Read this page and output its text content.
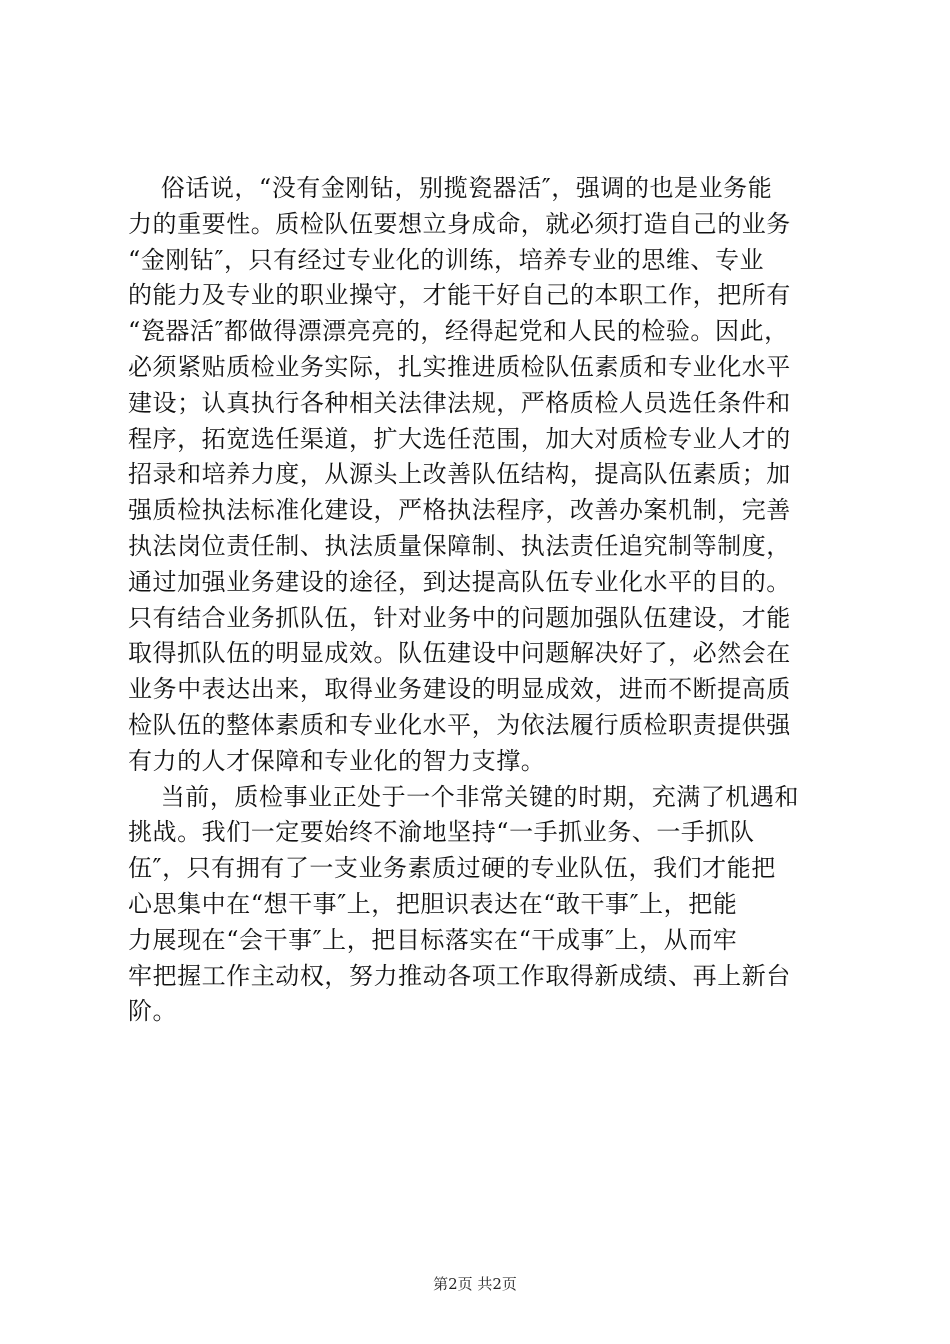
俗话说，“没有金刚钻，别揽瓷器活″，强调的也是业务能
力的重要性。质检队伍要想立身成命，就必须打造自己的业务
“金刚钻″，只有经过专业化的训练，培养专业的思维、专业
的能力及专业的职业操守，才能干好自己的本职工作，把所有
“瓷器活″都做得漂漂亮亮的，经得起党和人民的检验。因此，
必须紧贴质检业务实际，扎实推进质检队伍素质和专业化水平
建设；认真执行各种相关法律法规，严格质检人员选任条件和
程序，拓宽选任渠道，扩大选任范围，加大对质检专业人才的
招录和培养力度，从源头上改善队伍结构，提高队伍素质；加
强质检执法标准化建设，严格执法程序，改善办案机制，完善
执法岗位责任制、执法质量保障制、执法责任追究制等制度，
通过加强业务建设的途径，到达提高队伍专业化水平的目的。
只有结合业务抓队伍，针对业务中的问题加强队伍建设，才能
取得抓队伍的明显成效。队伍建设中问题解决好了，必然会在
业务中表达出来，取得业务建设的明显成效，进而不断提高质
检队伍的整体素质和专业化水平，为依法履行质检职责提供强
有力的人才保障和专业化的智力支撑。
当前，质检事业正处于一个非常关键的时期，充满了机遇和
挑战。我们一定要始终不渝地坚持“一手抓业务、一手抓队
伍″，只有拥有了一支业务素质过硬的专业队伍，我们才能把
心思集中在“想干事″上，把胆识表达在“敢干事″上，把能
力展现在“会干事″上，把目标落实在“干成事″上，从而牢
牢把握工作主动权，努力推动各项工作取得新成绩、再上新台
阶。
第2页 共2页
